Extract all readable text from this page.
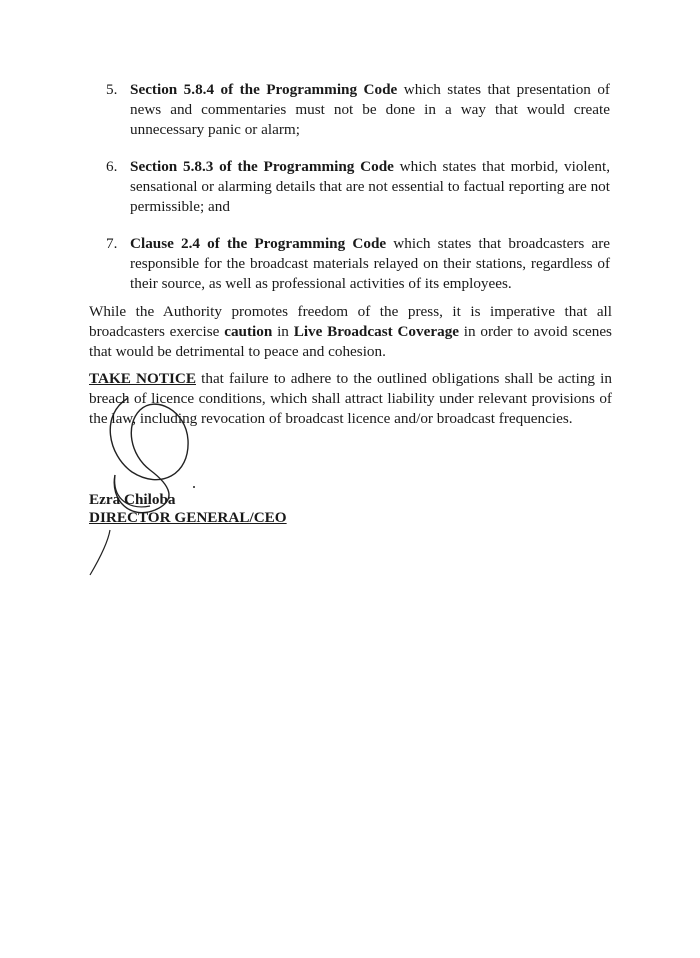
5. Section 5.8.4 of the Programming Code which states that presentation of news and commentaries must not be done in a way that would create unnecessary panic or alarm;
6. Section 5.8.3 of the Programming Code which states that morbid, violent, sensational or alarming details that are not essential to factual reporting are not permissible; and
7. Clause 2.4 of the Programming Code which states that broadcasters are responsible for the broadcast materials relayed on their stations, regardless of their source, as well as professional activities of its employees.

While the Authority promotes freedom of the press, it is imperative that all broadcasters exercise caution in Live Broadcast Coverage in order to avoid scenes that would be detrimental to peace and cohesion.

TAKE NOTICE that failure to adhere to the outlined obligations shall be acting in breach of licence conditions, which shall attract liability under relevant provisions of the law, including revocation of broadcast licence and/or broadcast frequencies.

Ezra Chiloba

DIRECTOR GENERAL/CEO
